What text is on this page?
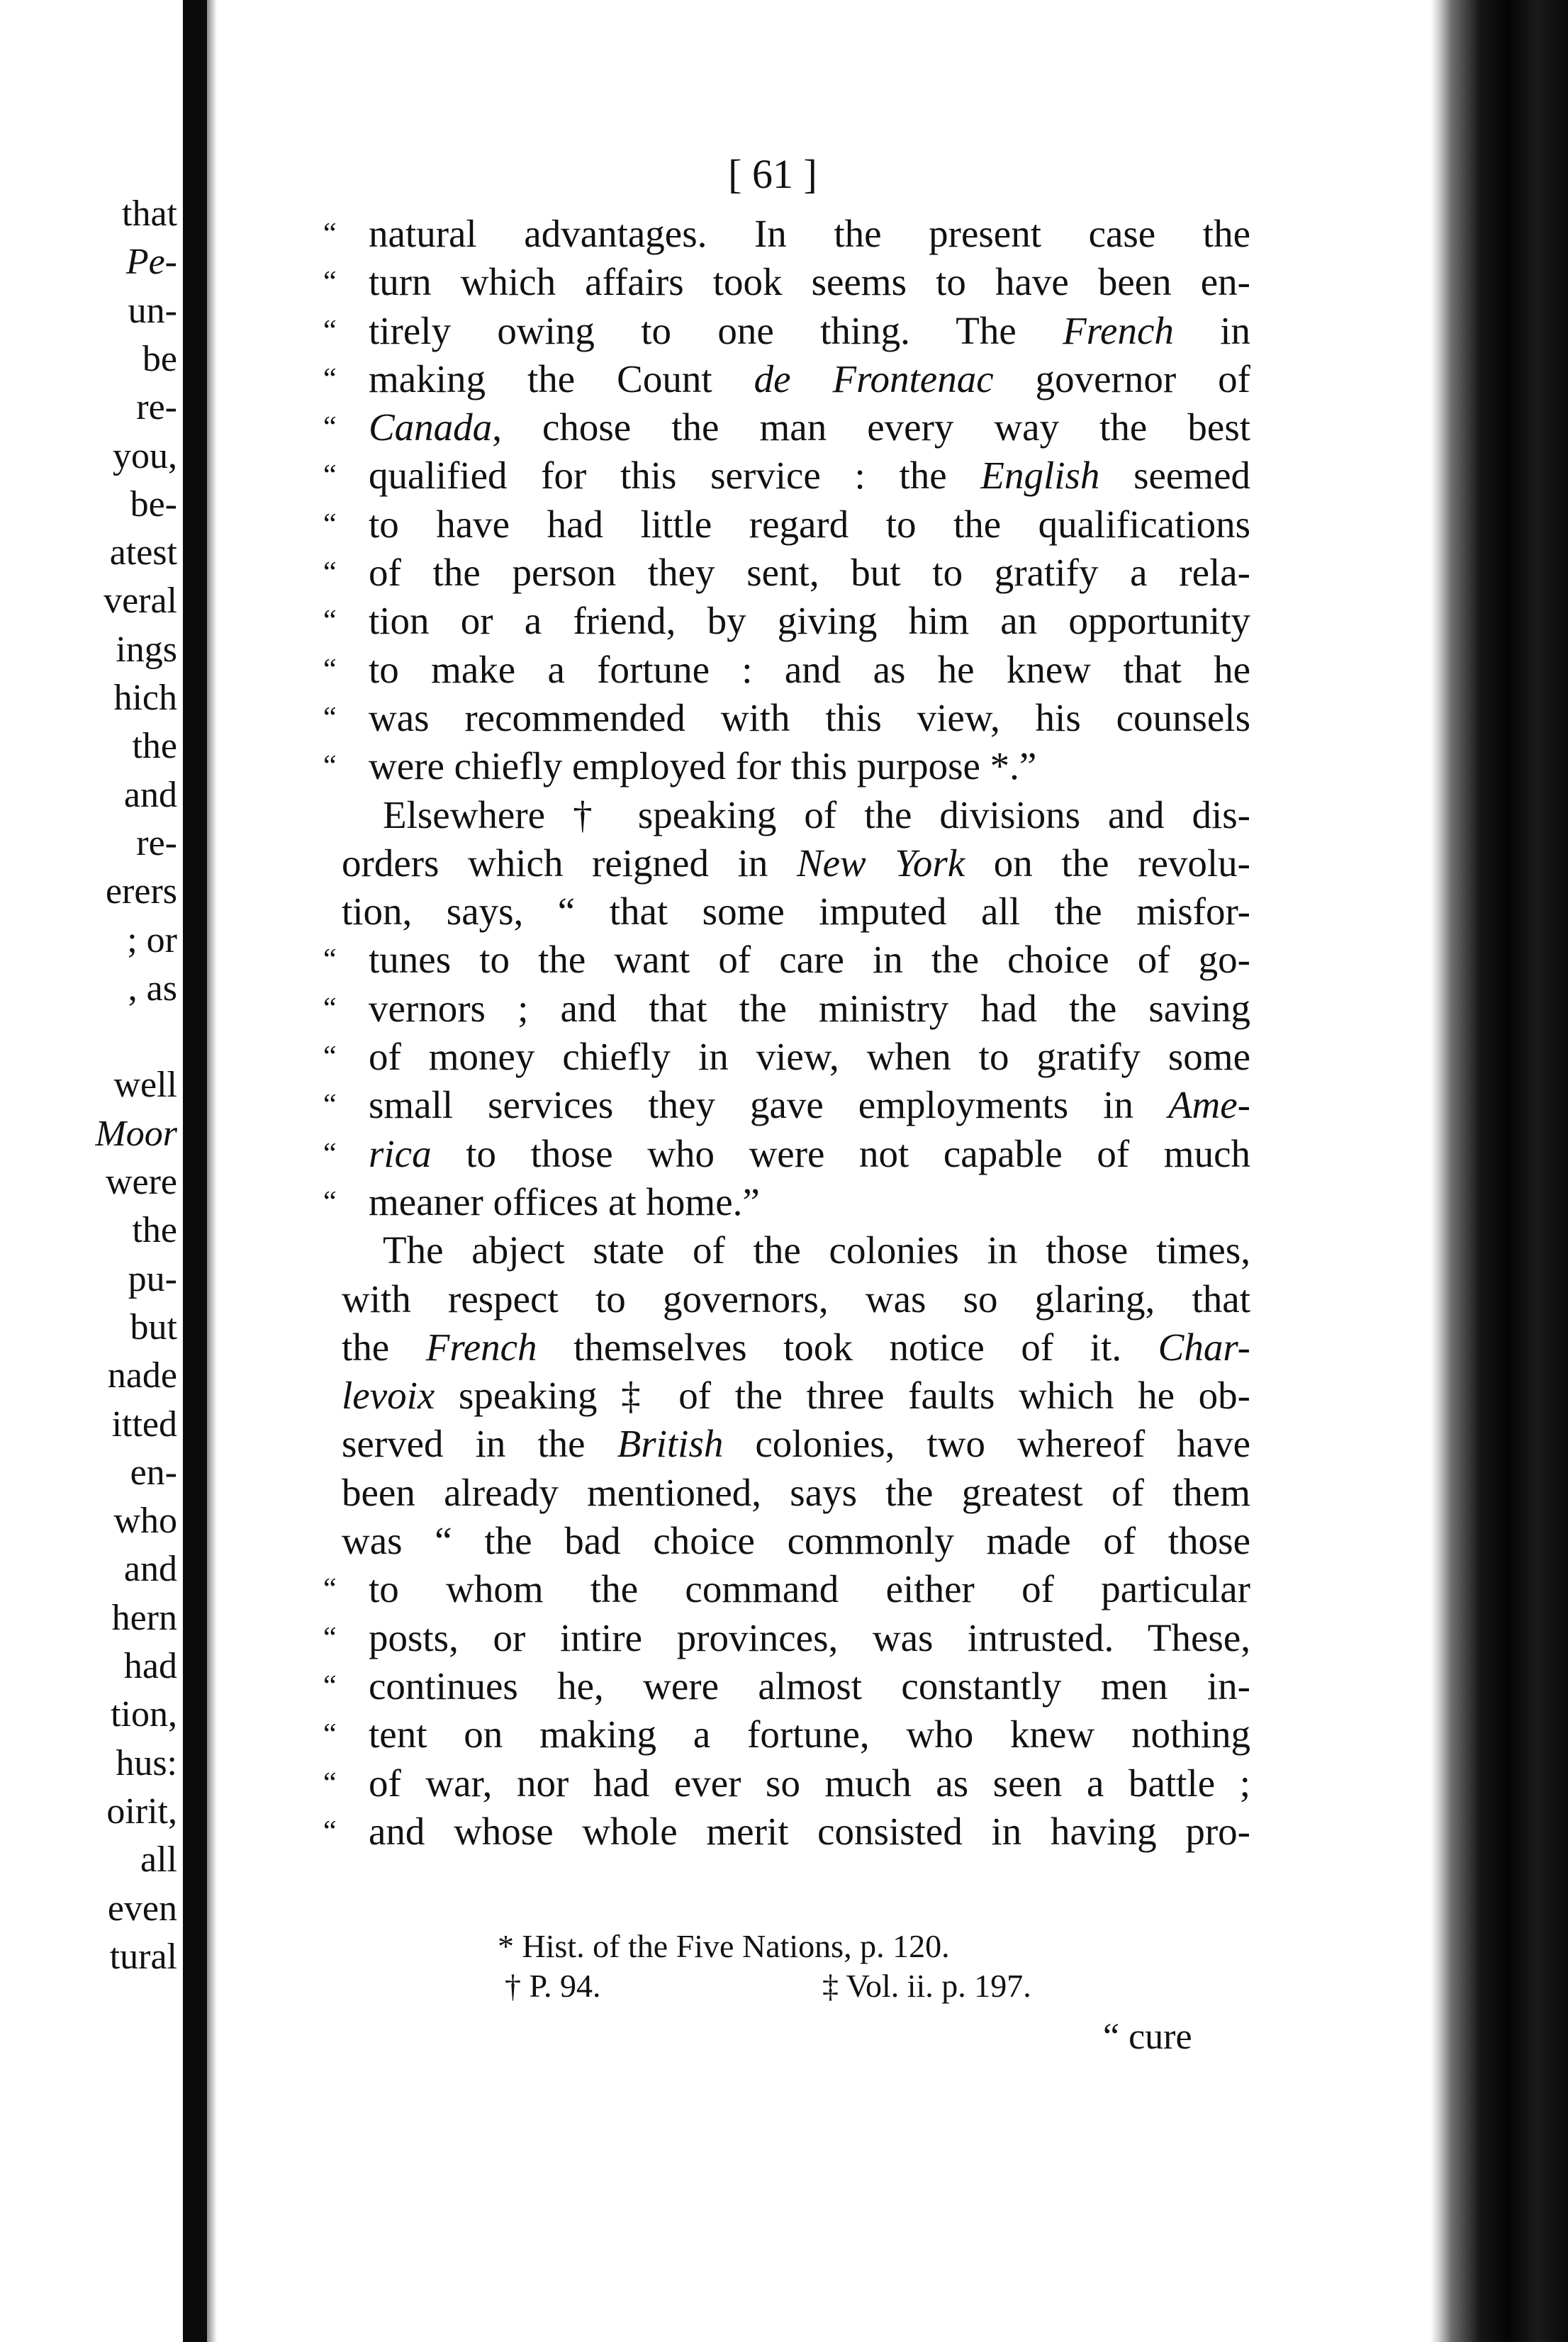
that
Pe-
un-
be
re-
you,
be-
atest
veral
ings
hich
the
and
re-
erers
; or
, as
well
Moor
were
the
pu-
but
nade
itted
en-
who
and
hern
had
tion,
hus:
oirit,
all
even
tural
[ 61 ]
“ natural advantages. In the present case the
“ turn which affairs took seems to have been en-
“ tirely owing to one thing. The French in
“ making the Count de Frontenac governor of
“ Canada, chose the man every way the best
“ qualified for this service : the English seemed
“ to have had little regard to the qualifications
“ of the person they sent, but to gratify a rela-
“ tion or a friend, by giving him an opportunity
“ to make a fortune : and as he knew that he
“ was recommended with this view, his counsels
“ were chiefly employed for this purpose *.”
Elsewhere † speaking of the divisions and dis-
orders which reigned in New York on the revolu-
tion, says, “ that some imputed all the misfor-
“ tunes to the want of care in the choice of go-
“ vernors ; and that the ministry had the saving
“ of money chiefly in view, when to gratify some
“ small services they gave employments in Ame-
“ rica to those who were not capable of much
“ meaner offices at home.”
The abject state of the colonies in those times,
with respect to governors, was so glaring, that
the French themselves took notice of it. Char-
levoix speaking ‡ of the three faults which he ob-
served in the British colonies, two whereof have
been already mentioned, says the greatest of them
was “ the bad choice commonly made of those
“ to whom the command either of particular
“ posts, or intire provinces, was intrusted. These,
“ continues he, were almost constantly men in-
“ tent on making a fortune, who knew nothing
“ of war, nor had ever so much as seen a battle ;
“ and whose whole merit consisted in having pro-
* Hist. of the Five Nations, p. 120.
† P. 94.	‡ Vol. ii. p. 197.
“ cure
